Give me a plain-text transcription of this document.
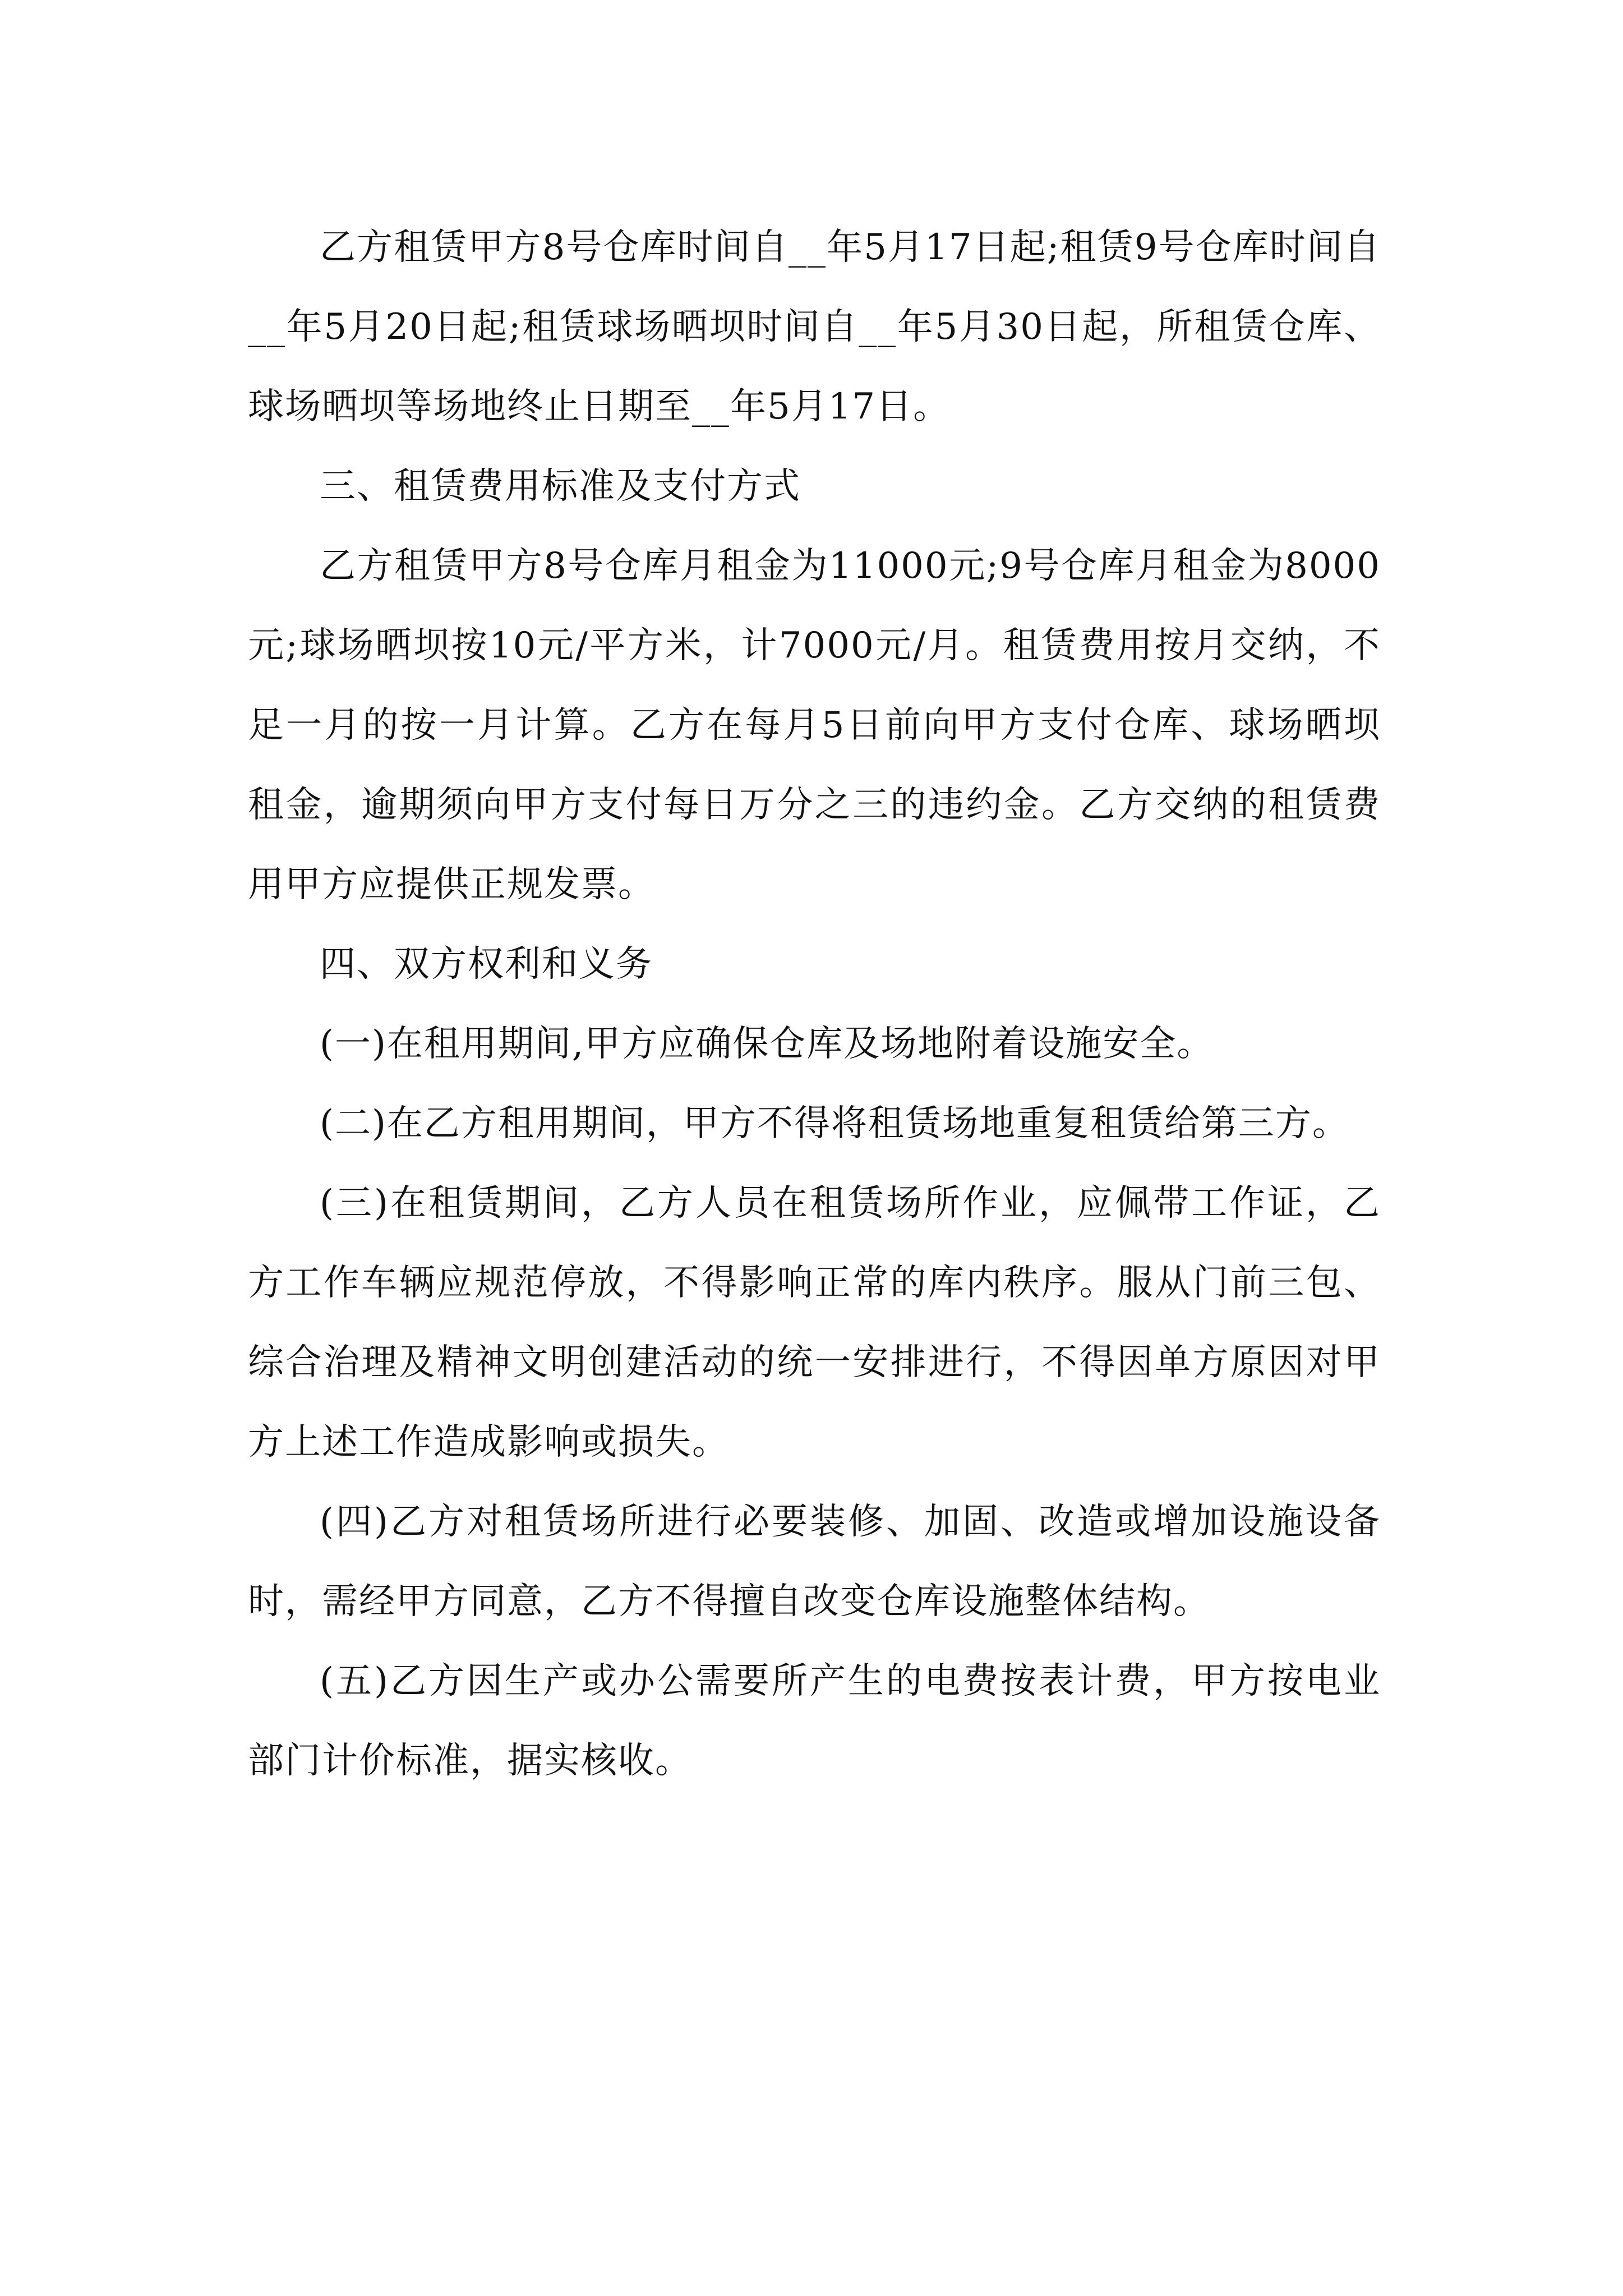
乙方租赁甲方8号仓库时间自__年5月17日起;租赁9号仓库时间自__年5月20日起;租赁球场晒坝时间自__年5月30日起，所租赁仓库、球场晒坝等场地终止日期至__年5月17日。

三、租赁费用标准及支付方式

乙方租赁甲方8号仓库月租金为11000元;9号仓库月租金为8000元;球场晒坝按10元/平方米，计7000元/月。租赁费用按月交纳，不足一月的按一月计算。乙方在每月5日前向甲方支付仓库、球场晒坝租金，逾期须向甲方支付每日万分之三的违约金。乙方交纳的租赁费用甲方应提供正规发票。

四、双方权利和义务

(一)在租用期间,甲方应确保仓库及场地附着设施安全。

(二)在乙方租用期间，甲方不得将租赁场地重复租赁给第三方。

(三)在租赁期间，乙方人员在租赁场所作业，应佩带工作证，乙方工作车辆应规范停放，不得影响正常的库内秩序。服从门前三包、综合治理及精神文明创建活动的统一安排进行，不得因单方原因对甲方上述工作造成影响或损失。

(四)乙方对租赁场所进行必要装修、加固、改造或增加设施设备时，需经甲方同意，乙方不得擅自改变仓库设施整体结构。

(五)乙方因生产或办公需要所产生的电费按表计费，甲方按电业部门计价标准，据实核收。
